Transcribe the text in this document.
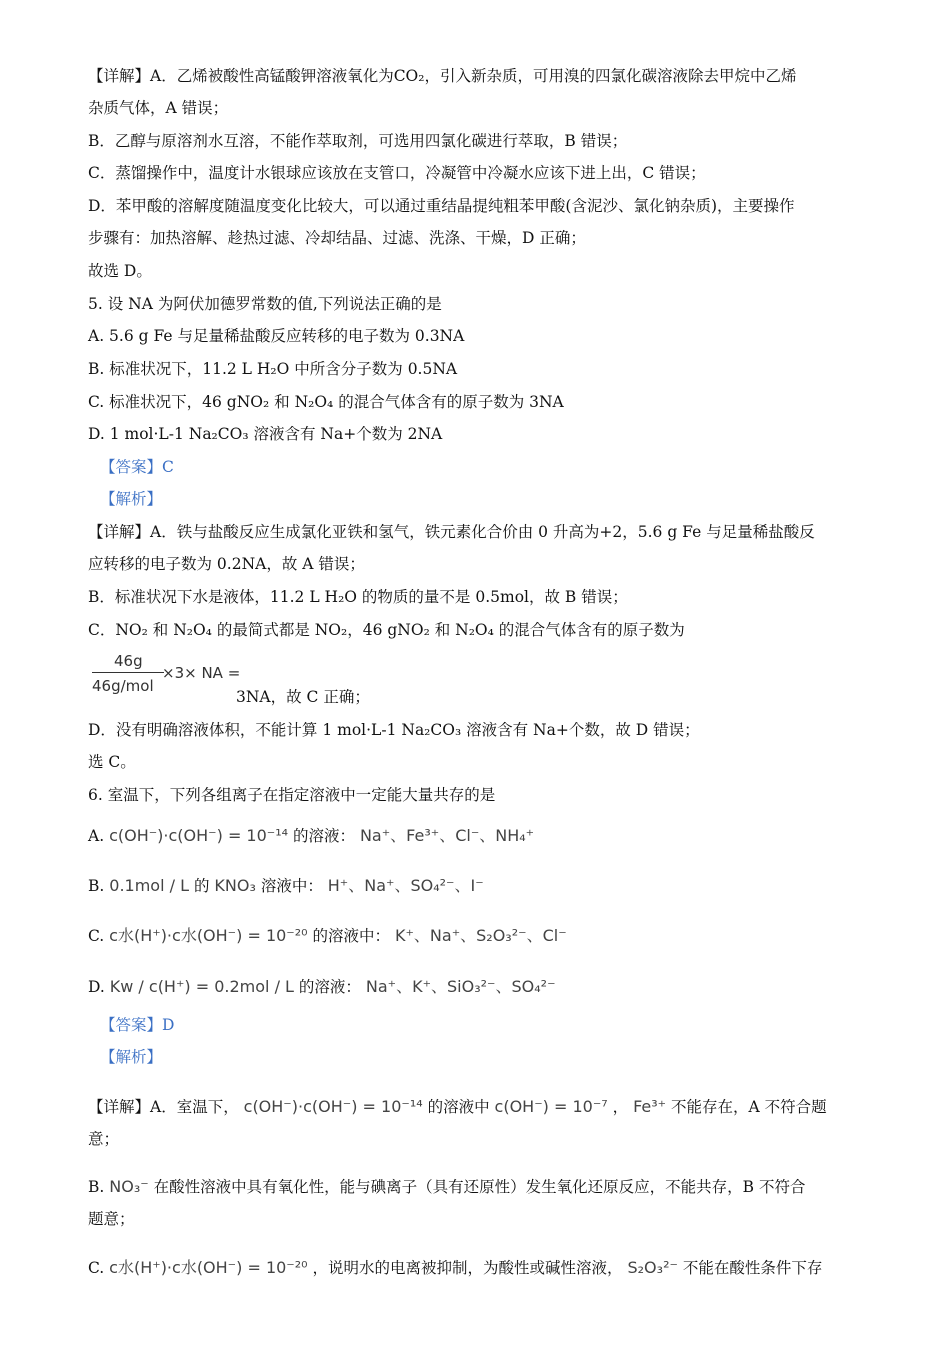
【详解】A．乙烯被酸性高锰酸钾溶液氧化为CO₂，引入新杂质，可用溴的四氯化碳溶液除去甲烷中乙烯
杂质气体，A 错误；
B．乙醇与原溶剂水互溶，不能作萃取剂，可选用四氯化碳进行萃取，B 错误；
C．蒸馏操作中，温度计水银球应该放在支管口，冷凝管中冷凝水应该下进上出，C 错误；
D．苯甲酸的溶解度随温度变化比较大，可以通过重结晶提纯粗苯甲酸(含泥沙、氯化钠杂质)，主要操作
步骤有：加热溶解、趁热过滤、冷却结晶、过滤、洗涤、干燥，D 正确；
故选 D。
5. 设 NA 为阿伏加德罗常数的值,下列说法正确的是
A. 5.6 g Fe 与足量稀盐酸反应转移的电子数为 0.3NA
B. 标准状况下，11.2 L H₂O 中所含分子数为 0.5NA
C. 标准状况下，46 gNO₂ 和 N₂O₄ 的混合气体含有的原子数为 3NA
D. 1 mol·L-1 Na₂CO₃ 溶液含有 Na+个数为 2NA
【答案】C
【解析】
【详解】A．铁与盐酸反应生成氯化亚铁和氢气，铁元素化合价由 0 升高为+2，5.6 g Fe 与足量稀盐酸反
应转移的电子数为 0.2NA，故 A 错误；
B．标准状况下水是液体，11.2 L H₂O 的物质的量不是 0.5mol，故 B 错误；
C．NO₂ 和 N₂O₄ 的最简式都是 NO₂，46 gNO₂ 和 N₂O₄ 的混合气体含有的原子数为
46g
46g/mol
×3× NA =
3NA，故 C 正确；
D．没有明确溶液体积，不能计算 1 mol·L-1 Na₂CO₃ 溶液含有 Na+个数，故 D 错误；
选 C。
6. 室温下，下列各组离子在指定溶液中一定能大量共存的是
A. c(OH⁻)·c(OH⁻) = 10⁻¹⁴ 的溶液： Na⁺、Fe³⁺、Cl⁻、NH₄⁺
B. 0.1mol / L 的 KNO₃ 溶液中： H⁺、Na⁺、SO₄²⁻、I⁻
C. c水(H⁺)·c水(OH⁻) = 10⁻²⁰ 的溶液中： K⁺、Na⁺、S₂O₃²⁻、Cl⁻
D. Kw / c(H⁺) = 0.2mol / L 的溶液： Na⁺、K⁺、SiO₃²⁻、SO₄²⁻
【答案】D
【解析】
【详解】A．室温下， c(OH⁻)·c(OH⁻) = 10⁻¹⁴ 的溶液中 c(OH⁻) = 10⁻⁷ ， Fe³⁺ 不能存在，A 不符合题
意；
B. NO₃⁻ 在酸性溶液中具有氧化性，能与碘离子（具有还原性）发生氧化还原反应，不能共存，B 不符合
题意；
C. c水(H⁺)·c水(OH⁻) = 10⁻²⁰ ，说明水的电离被抑制，为酸性或碱性溶液， S₂O₃²⁻ 不能在酸性条件下存
